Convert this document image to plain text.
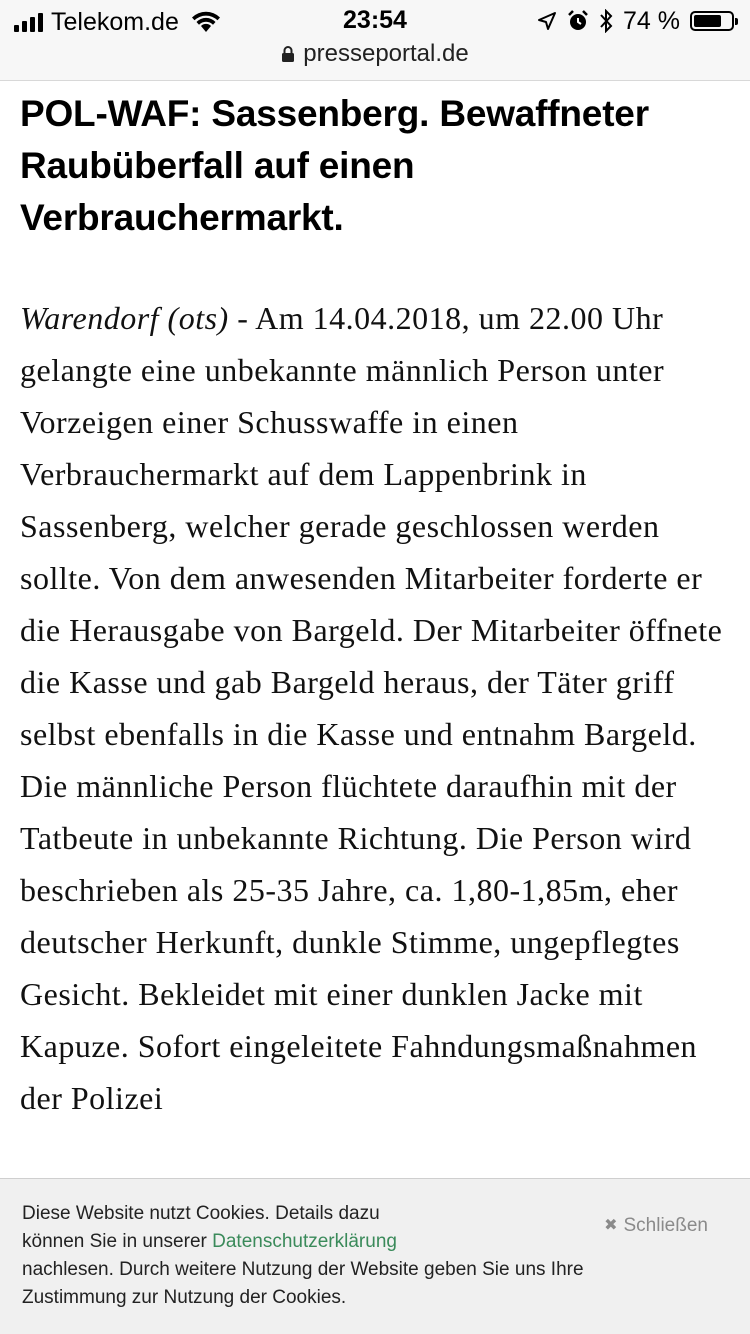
Telekom.de	23:54	74 %
presseportal.de
POL-WAF: Sassenberg. Bewaffneter Raubüberfall auf einen Verbrauchermarkt.

Warendorf (ots) - Am 14.04.2018, um 22.00 Uhr gelangte eine unbekannte männlich Person unter Vorzeigen einer Schusswaffe in einen Verbrauchermarkt auf dem Lappenbrink in Sassenberg, welcher gerade geschlossen werden sollte. Von dem anwesenden Mitarbeiter forderte er die Herausgabe von Bargeld. Der Mitarbeiter öffnete die Kasse und gab Bargeld heraus, der Täter griff selbst ebenfalls in die Kasse und entnahm Bargeld. Die männliche Person flüchtete daraufhin mit der Tatbeute in unbekannte Richtung. Die Person wird beschrieben als 25-35 Jahre, ca. 1,80-1,85m, eher deutscher Herkunft, dunkle Stimme, ungepflegtes Gesicht. Bekleidet mit einer dunklen Jacke mit Kapuze. Sofort eingeleitete Fahndungsmaßnahmen der Polizei

Diese Website nutzt Cookies. Details dazu
können Sie in unserer Datenschutzerklärung
nachlesen. Durch weitere Nutzung der Website geben Sie uns Ihre
Zustimmung zur Nutzung der Cookies.
✖ Schließen
